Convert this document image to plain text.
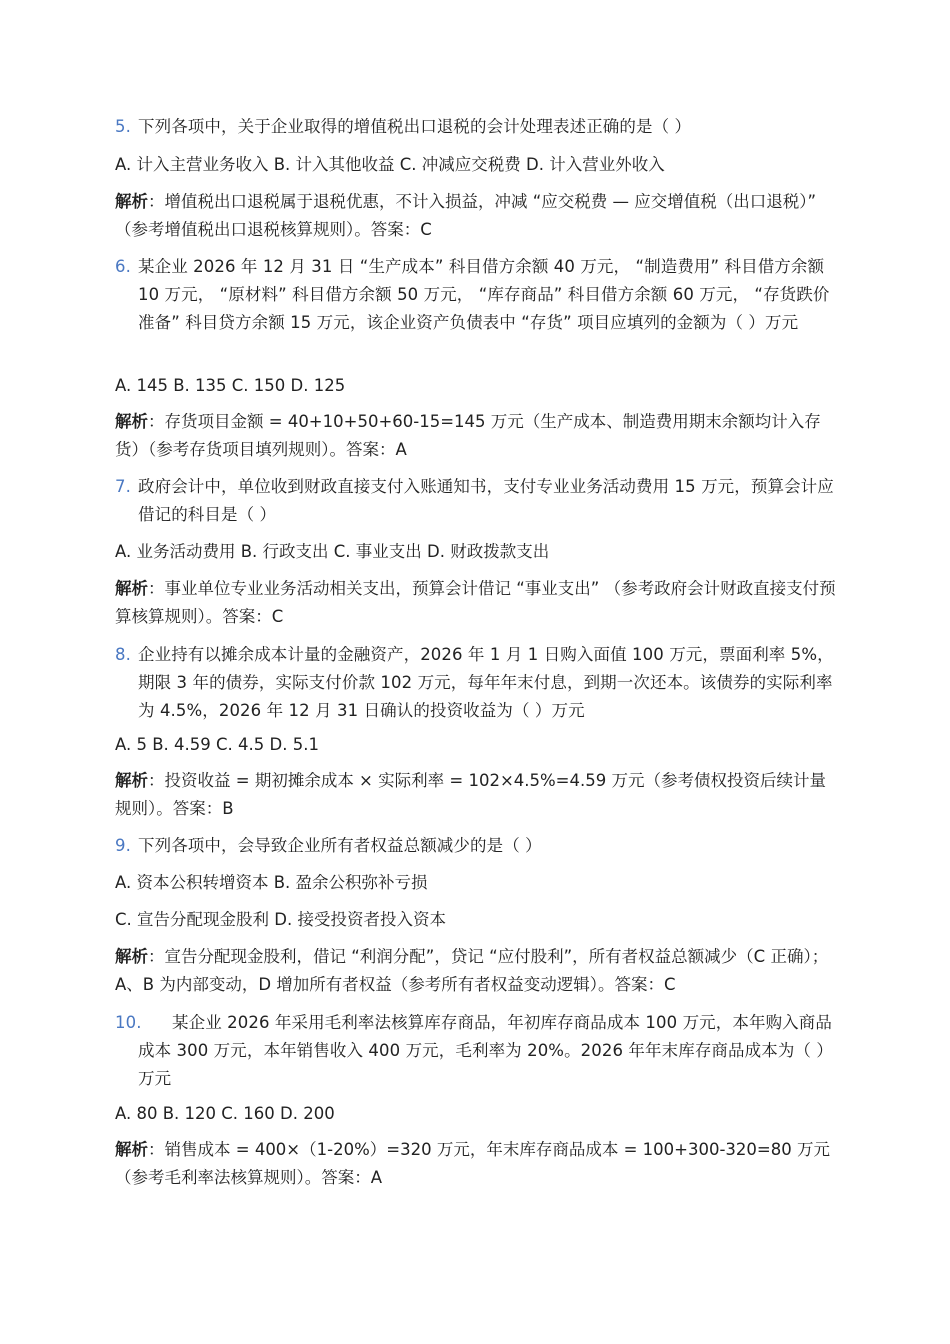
5. 下列各项中，关于企业取得的增值税出口退税的会计处理表述正确的是（ ）
A. 计入主营业务收入 B. 计入其他收益 C. 冲减应交税费 D. 计入营业外收入
解析：增值税出口退税属于退税优惠，不计入损益，冲减 “应交税费 — 应交增值税（出口退税）” （参考增值税出口退税核算规则）。答案：C
6. 某企业 2026 年 12 月 31 日 “生产成本” 科目借方余额 40 万元， “制造费用” 科目借方余额 10 万元， “原材料” 科目借方余额 50 万元， “库存商品” 科目借方余额 60 万元， “存货跌价准备” 科目贷方余额 15 万元，该企业资产负债表中 “存货” 项目应填列的金额为（ ）万元
A. 145 B. 135 C. 150 D. 125
解析：存货项目金额 = 40+10+50+60-15=145 万元（生产成本、制造费用期末余额均计入存货）（参考存货项目填列规则）。答案：A
7. 政府会计中，单位收到财政直接支付入账通知书，支付专业业务活动费用 15 万元，预算会计应借记的科目是（ ）
A. 业务活动费用 B. 行政支出 C. 事业支出 D. 财政拨款支出
解析：事业单位专业业务活动相关支出，预算会计借记 “事业支出” （参考政府会计财政直接支付预算核算规则）。答案：C
8. 企业持有以摊余成本计量的金融资产，2026 年 1 月 1 日购入面值 100 万元，票面利率 5%，期限 3 年的债券，实际支付价款 102 万元，每年年末付息，到期一次还本。该债券的实际利率为 4.5%，2026 年 12 月 31 日确认的投资收益为（ ）万元
A. 5 B. 4.59 C. 4.5 D. 5.1
解析：投资收益 = 期初摊余成本 × 实际利率 = 102×4.5%=4.59 万元（参考债权投资后续计量规则）。答案：B
9. 下列各项中，会导致企业所有者权益总额减少的是（ ）
A. 资本公积转增资本 B. 盈余公积弥补亏损
C. 宣告分配现金股利 D. 接受投资者投入资本
解析：宣告分配现金股利，借记 “利润分配”，贷记 “应付股利”，所有者权益总额减少（C 正确）；A、B 为内部变动，D 增加所有者权益（参考所有者权益变动逻辑）。答案：C
10.	某企业 2026 年采用毛利率法核算库存商品，年初库存商品成本 100 万元，本年购入商品成本 300 万元，本年销售收入 400 万元，毛利率为 20%。2026 年年末库存商品成本为（ ）万元
A. 80 B. 120 C. 160 D. 200
解析：销售成本 = 400×（1-20%）=320 万元，年末库存商品成本 = 100+300-320=80 万元（参考毛利率法核算规则）。答案：A
